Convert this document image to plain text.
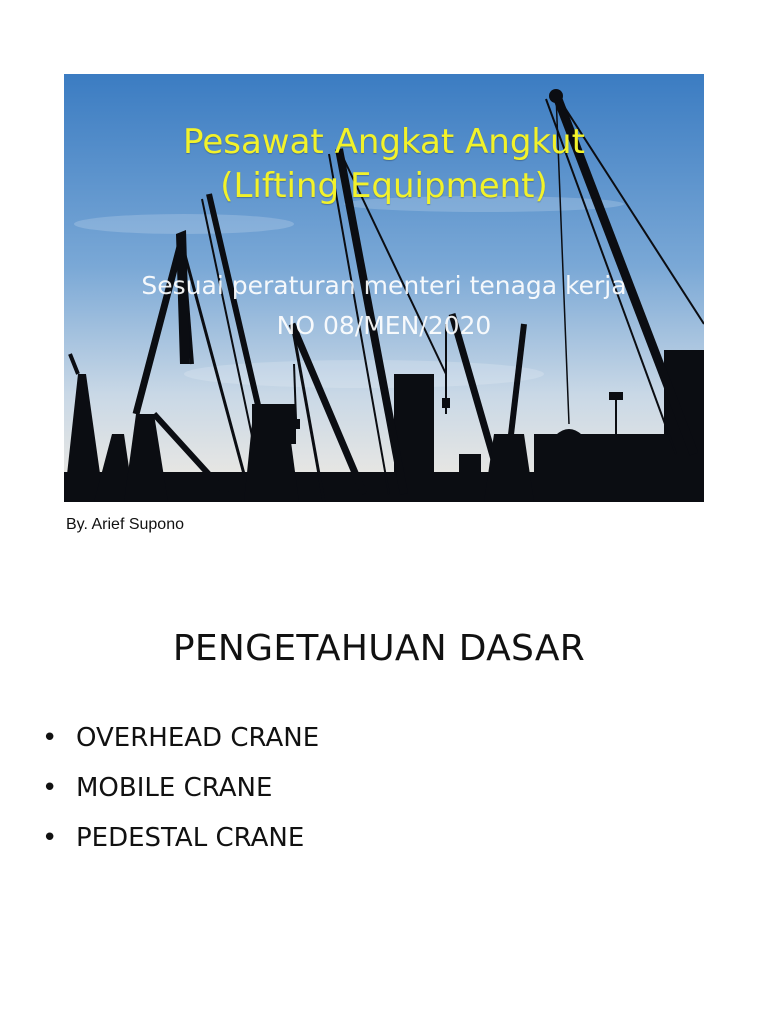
Pesawat Angkat Angkut
(Lifting Equipment)
Sesuai peraturan menteri tenaga kerja
NO 08/MEN/2020
By. Arief Supono
PENGETAHUAN DASAR
• OVERHEAD CRANE
• MOBILE CRANE
• PEDESTAL CRANE
